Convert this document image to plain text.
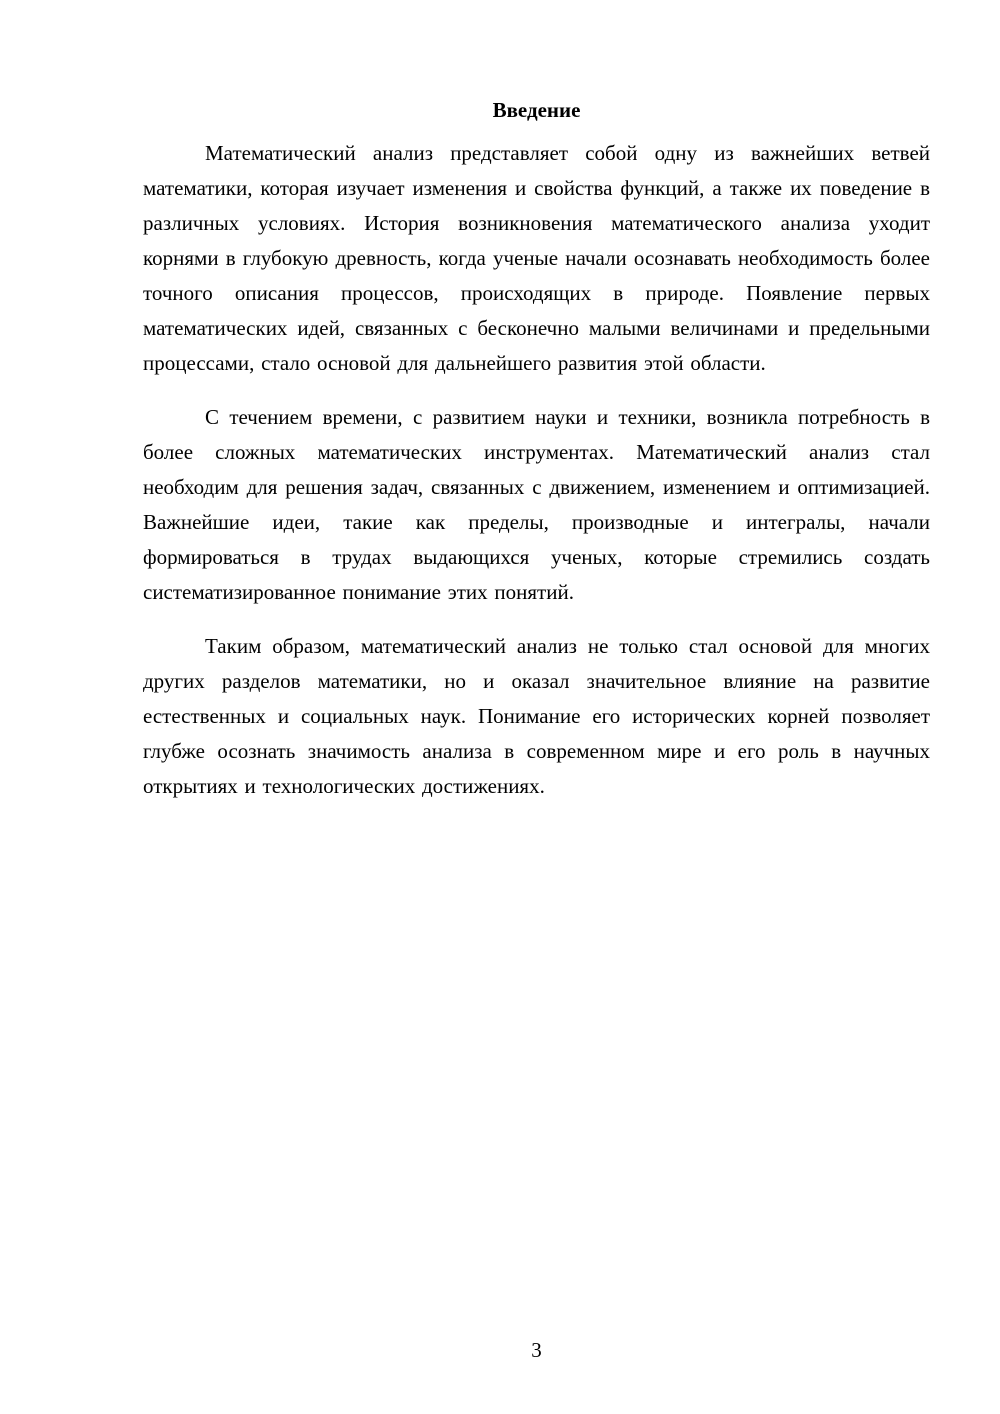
Введение

Математический анализ представляет собой одну из важнейших ветвей математики, которая изучает изменения и свойства функций, а также их поведение в различных условиях. История возникновения математического анализа уходит корнями в глубокую древность, когда ученые начали осознавать необходимость более точного описания процессов, происходящих в природе. Появление первых математических идей, связанных с бесконечно малыми величинами и предельными процессами, стало основой для дальнейшего развития этой области.

С течением времени, с развитием науки и техники, возникла потребность в более сложных математических инструментах. Математический анализ стал необходим для решения задач, связанных с движением, изменением и оптимизацией. Важнейшие идеи, такие как пределы, производные и интегралы, начали формироваться в трудах выдающихся ученых, которые стремились создать систематизированное понимание этих понятий.

Таким образом, математический анализ не только стал основой для многих других разделов математики, но и оказал значительное влияние на развитие естественных и социальных наук. Понимание его исторических корней позволяет глубже осознать значимость анализа в современном мире и его роль в научных открытиях и технологических достижениях.

3
